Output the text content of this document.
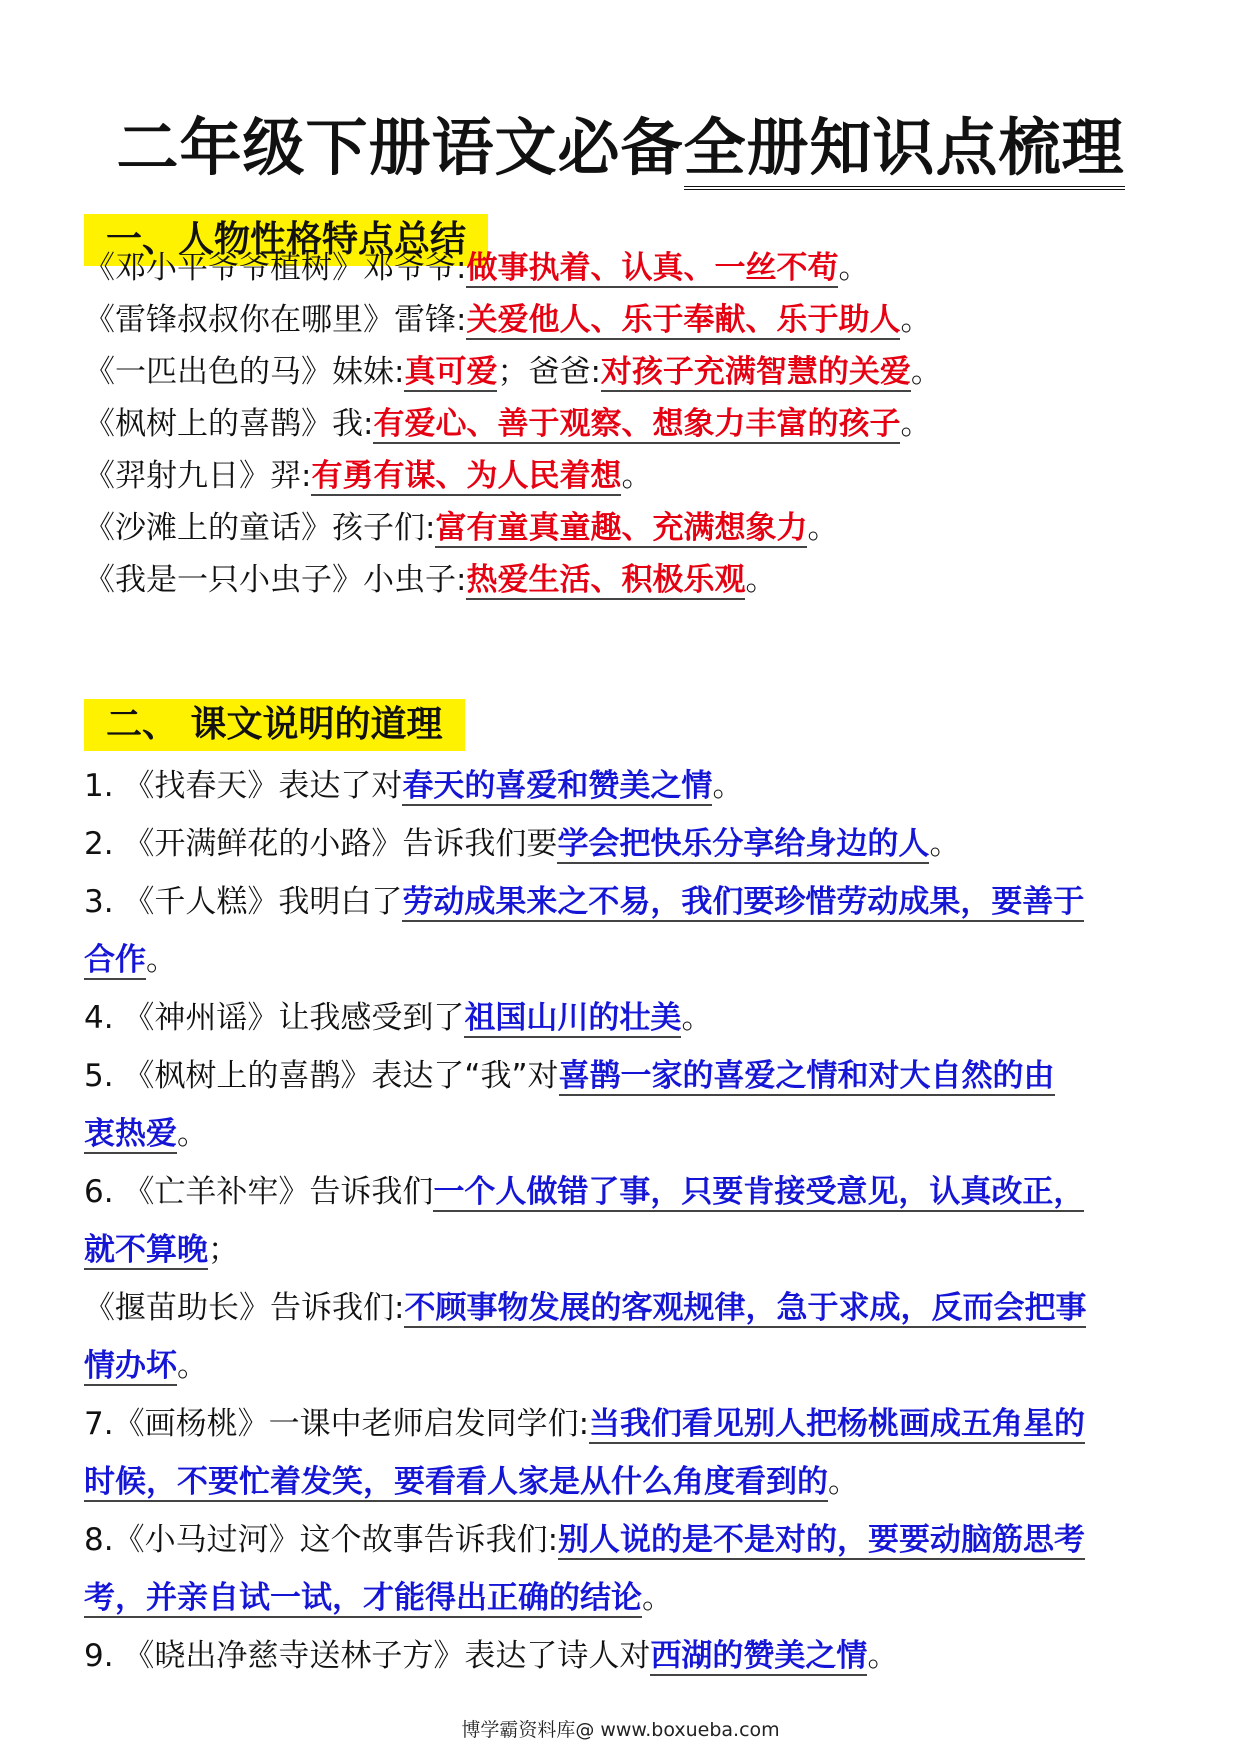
二年级下册语文必备全册知识点梳理
一、人物性格特点总结
《邓小平爷爷植树》邓爷爷:做事执着、认真、一丝不苟。
《雷锋叔叔你在哪里》雷锋:关爱他人、乐于奉献、乐于助人。
《一匹出色的马》妹妹:真可爱；爸爸:对孩子充满智慧的关爱。
《枫树上的喜鹊》我:有爱心、善于观察、想象力丰富的孩子。
《羿射九日》羿:有勇有谋、为人民着想。
《沙滩上的童话》孩子们:富有童真童趣、充满想象力。
《我是一只小虫子》小虫子:热爱生活、积极乐观。
二、 课文说明的道理
1. 《找春天》表达了对春天的喜爱和赞美之情。
2. 《开满鲜花的小路》告诉我们要学会把快乐分享给身边的人。
3. 《千人糕》我明白了劳动成果来之不易，我们要珍惜劳动成果，要善于
合作。
4. 《神州谣》让我感受到了祖国山川的壮美。
5. 《枫树上的喜鹊》表达了“我”对喜鹊一家的喜爱之情和对大自然的由
衷热爱。
6. 《亡羊补牢》告诉我们一个人做错了事，只要肯接受意见，认真改正，
就不算晚；
《揠苗助长》告诉我们:不顾事物发展的客观规律，急于求成，反而会把事
情办坏。
7.《画杨桃》一课中老师启发同学们:当我们看见别人把杨桃画成五角星的
时候，不要忙着发笑，要看看人家是从什么角度看到的。
8.《小马过河》这个故事告诉我们:别人说的是不是对的，要要动脑筋思考
考，并亲自试一试，才能得出正确的结论。
9. 《晓出净慈寺送林子方》表达了诗人对西湖的赞美之情。
博学霸资料库@ www.boxueba.com
